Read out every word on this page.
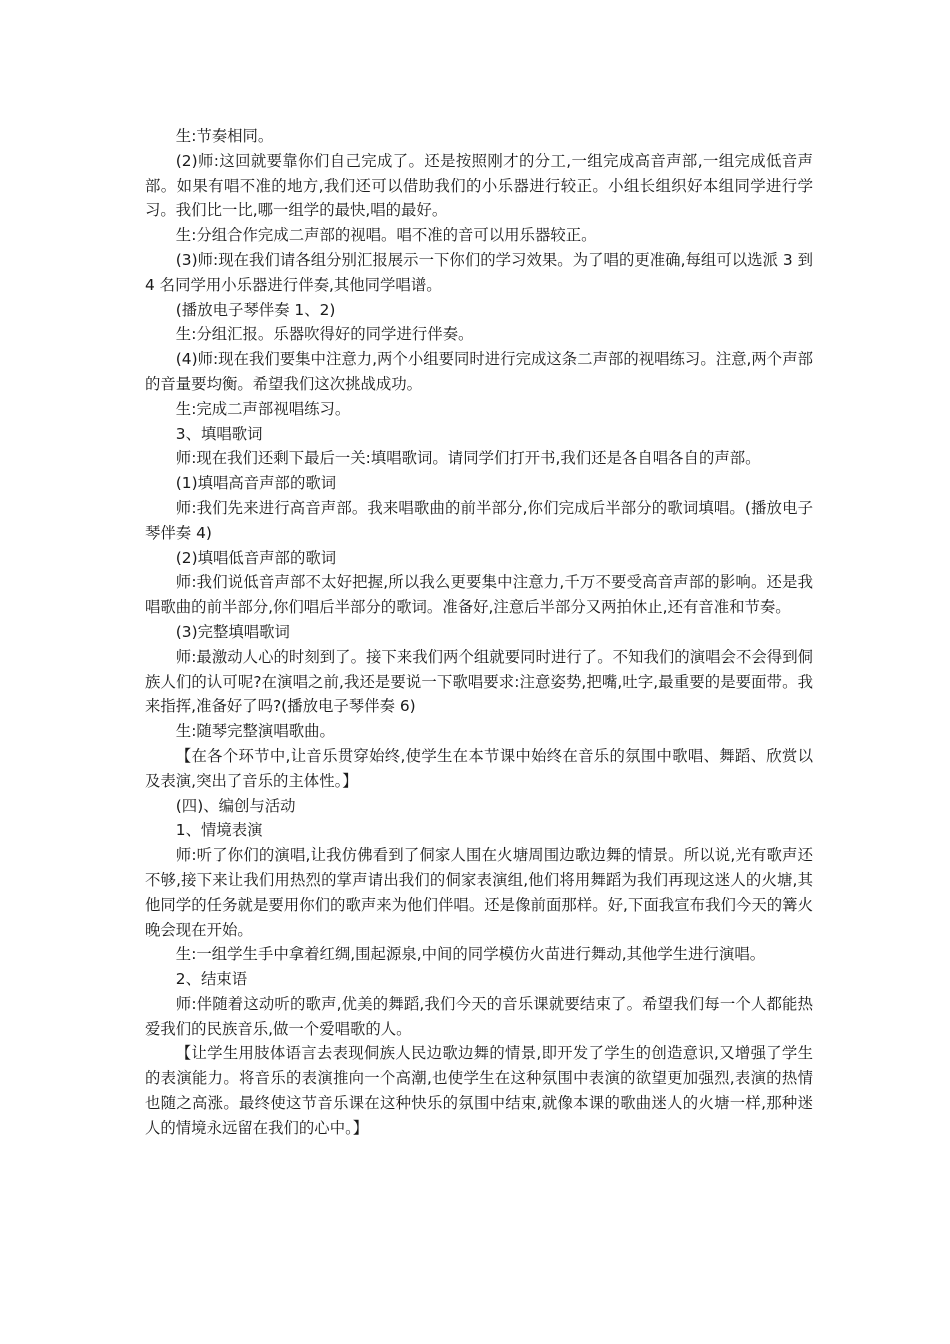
生:节奏相同。

(2)师:这回就要靠你们自己完成了。还是按照刚才的分工,一组完成高音声部,一组完成低音声部。如果有唱不准的地方,我们还可以借助我们的小乐器进行较正。小组长组织好本组同学进行学习。我们比一比,哪一组学的最快,唱的最好。

生:分组合作完成二声部的视唱。唱不准的音可以用乐器较正。

(3)师:现在我们请各组分别汇报展示一下你们的学习效果。为了唱的更准确,每组可以选派 3 到 4 名同学用小乐器进行伴奏,其他同学唱谱。

(播放电子琴伴奏 1、2)

生:分组汇报。乐器吹得好的同学进行伴奏。

(4)师:现在我们要集中注意力,两个小组要同时进行完成这条二声部的视唱练习。注意,两个声部的音量要均衡。希望我们这次挑战成功。

生:完成二声部视唱练习。

3、填唱歌词

师:现在我们还剩下最后一关:填唱歌词。请同学们打开书,我们还是各自唱各自的声部。

(1)填唱高音声部的歌词

师:我们先来进行高音声部。我来唱歌曲的前半部分,你们完成后半部分的歌词填唱。(播放电子琴伴奏 4)

(2)填唱低音声部的歌词

师:我们说低音声部不太好把握,所以我么更要集中注意力,千万不要受高音声部的影响。还是我唱歌曲的前半部分,你们唱后半部分的歌词。准备好,注意后半部分又两拍休止,还有音准和节奏。

(3)完整填唱歌词

师:最激动人心的时刻到了。接下来我们两个组就要同时进行了。不知我们的演唱会不会得到侗族人们的认可呢?在演唱之前,我还是要说一下歌唱要求:注意姿势,把嘴,吐字,最重要的是要面带。我来指挥,准备好了吗?(播放电子琴伴奏 6)

生:随琴完整演唱歌曲。

【在各个环节中,让音乐贯穿始终,使学生在本节课中始终在音乐的氛围中歌唱、舞蹈、欣赏以及表演,突出了音乐的主体性。】

(四)、编创与活动

1、情境表演

师:听了你们的演唱,让我仿佛看到了侗家人围在火塘周围边歌边舞的情景。所以说,光有歌声还不够,接下来让我们用热烈的掌声请出我们的侗家表演组,他们将用舞蹈为我们再现这迷人的火塘,其他同学的任务就是要用你们的歌声来为他们伴唱。还是像前面那样。好,下面我宣布我们今天的篝火晚会现在开始。

生:一组学生手中拿着红绸,围起源泉,中间的同学模仿火苗进行舞动,其他学生进行演唱。

2、结束语

师:伴随着这动听的歌声,优美的舞蹈,我们今天的音乐课就要结束了。希望我们每一个人都能热爱我们的民族音乐,做一个爱唱歌的人。

【让学生用肢体语言去表现侗族人民边歌边舞的情景,即开发了学生的创造意识,又增强了学生的表演能力。将音乐的表演推向一个高潮,也使学生在这种氛围中表演的欲望更加强烈,表演的热情也随之高涨。最终使这节音乐课在这种快乐的氛围中结束,就像本课的歌曲迷人的火塘一样,那种迷人的情境永远留在我们的心中。】
